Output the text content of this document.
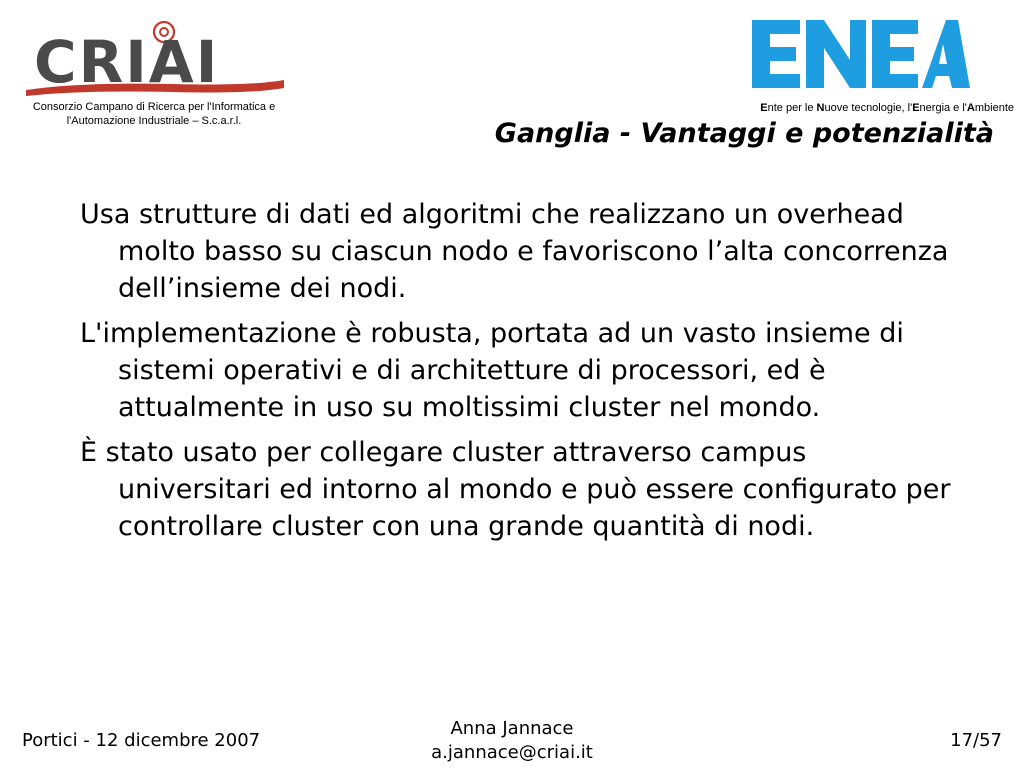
CRIAI
Consorzio Campano di Ricerca per l'Informatica e
l'Automazione Industriale – S.c.a.r.l.
Ente per le Nuove tecnologie, l'Energia e l'Ambiente
Ganglia - Vantaggi e potenzialità
Usa strutture di dati ed algoritmi che realizzano un overhead molto basso su ciascun nodo e favoriscono l’alta concorrenza dell’insieme dei nodi.
L'implementazione è robusta, portata ad un vasto insieme di sistemi operativi e di architetture di processori, ed è attualmente in uso su moltissimi cluster nel mondo.
È stato usato per collegare cluster attraverso campus universitari ed intorno al mondo e può essere configurato per controllare cluster con una grande quantità di nodi.
Portici - 12 dicembre 2007
Anna Jannace
a.jannace@criai.it
17/57
